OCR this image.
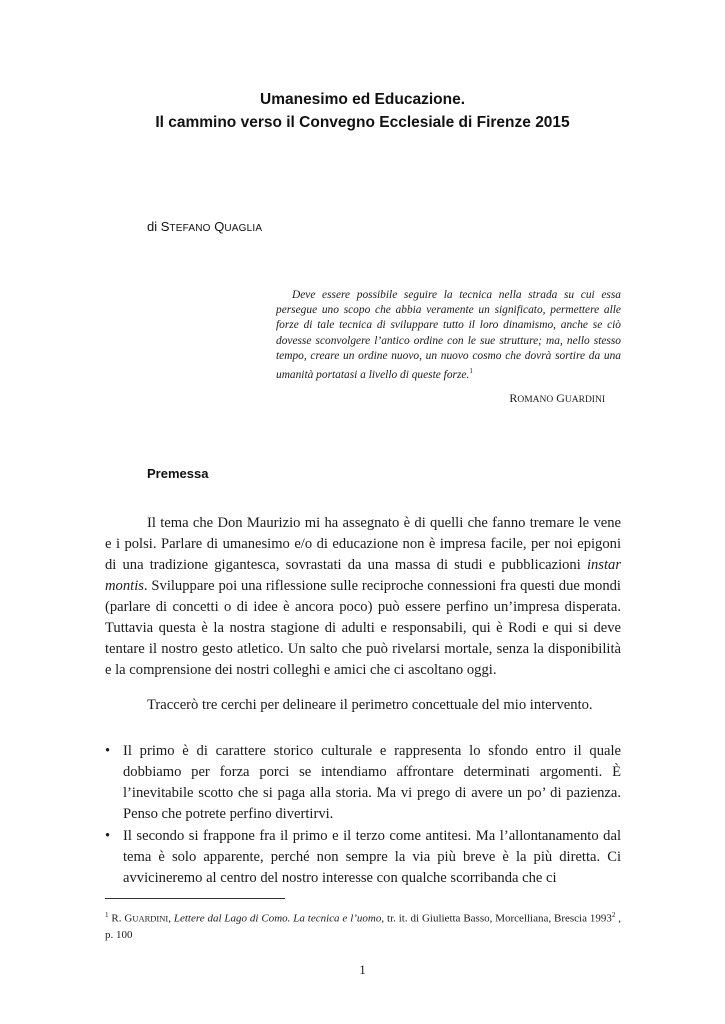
Umanesimo ed Educazione.
Il cammino verso il Convegno Ecclesiale di Firenze 2015
di STEFANO QUAGLIA

Deve essere possibile seguire la tecnica nella strada su cui essa persegue uno scopo che abbia veramente un significato, permettere alle forze di tale tecnica di sviluppare tutto il loro dinamismo, anche se ciò dovesse sconvolgere l’antico ordine con le sue strutture; ma, nello stesso tempo, creare un ordine nuovo, un nuovo cosmo che dovrà sortire da una umanità portatasi a livello di queste forze.$^1$

ROMANO GUARDINI
Premessa

Il tema che Don Maurizio mi ha assegnato è di quelli che fanno tremare le vene e i polsi. Parlare di umanesimo e/o di educazione non è impresa facile, per noi epigoni di una tradizione gigantesca, sovrastati da una massa di studi e pubblicazioni instar montis. Sviluppare poi una riflessione sulle reciproche connessioni fra questi due mondi (parlare di concetti o di idee è ancora poco) può essere perfino un’impresa disperata. Tuttavia questa è la nostra stagione di adulti e responsabili, qui è Rodi e qui si deve tentare il nostro gesto atletico. Un salto che può rivelarsi mortale, senza la disponibilità e la comprensione dei nostri colleghi e amici che ci ascoltano oggi.

Traccerò tre cerchi per delineare il perimetro concettuale del mio intervento.

• Il primo è di carattere storico culturale e rappresenta lo sfondo entro il quale dobbiamo per forza porci se intendiamo affrontare determinati argomenti. È l’inevitabile scotto che si paga alla storia. Ma vi prego di avere un po’ di pazienza. Penso che potrete perfino divertirvi.

• Il secondo si frappone fra il primo e il terzo come antitesi. Ma l’allontanamento dal tema è solo apparente, perché non sempre la via più breve è la più diretta. Ci avvicineremo al centro del nostro interesse con qualche scorribanda che ci

$^1$ R. GUARDINI, Lettere dal Lago di Como. La tecnica e l’uomo, tr. it. di Giulietta Basso, Morcelliana, Brescia 1993$^2$ , p. 100

1
